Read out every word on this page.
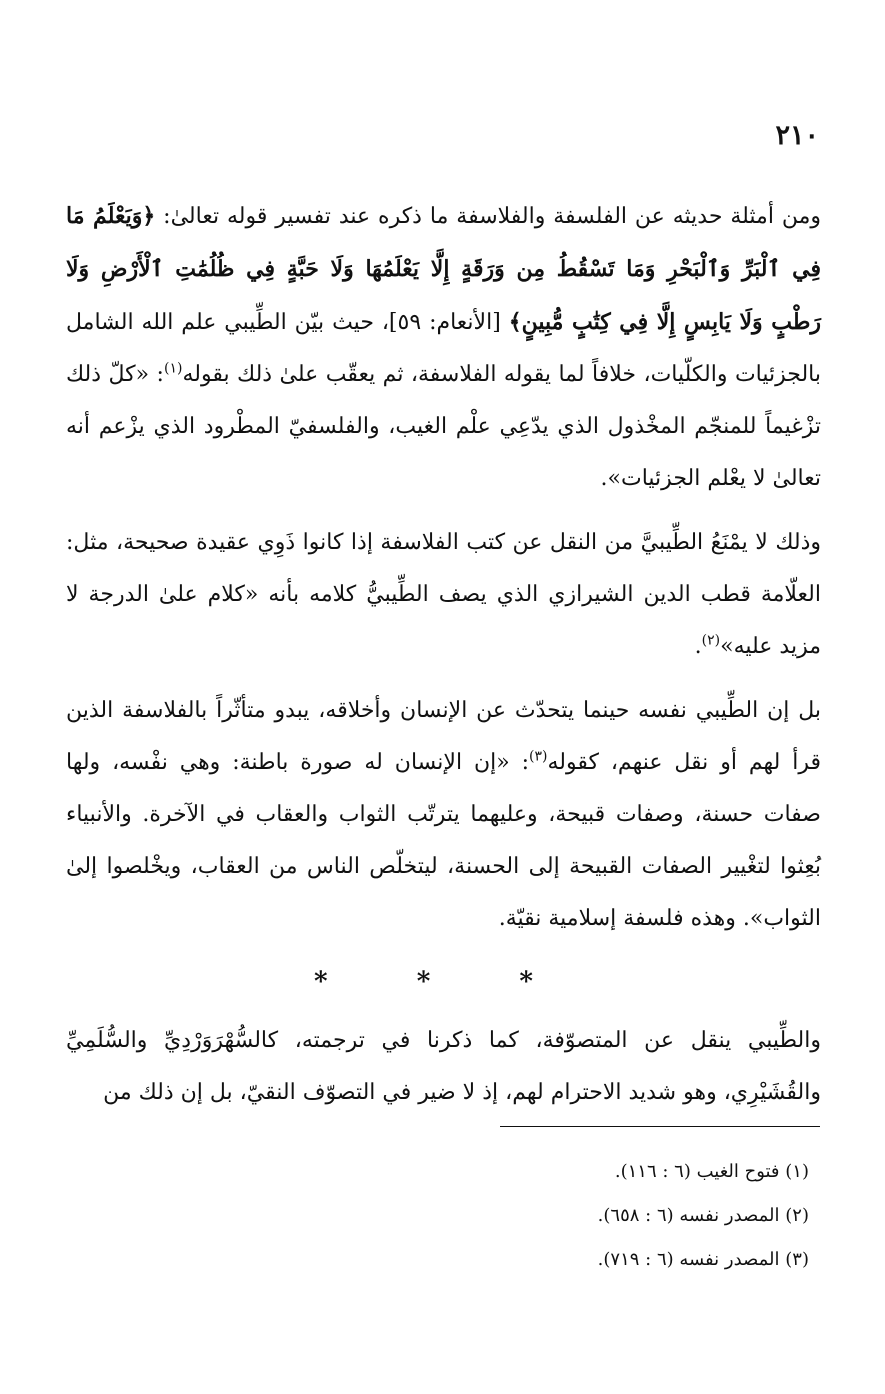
٢١٠

ومن أمثلة حديثه عن الفلسفة والفلاسفة ما ذكره عند تفسير قوله تعالىٰ: ﴿وَيَعْلَمُ مَا فِي ٱلْبَرِّ وَٱلْبَحْرِ وَمَا تَسْقُطُ مِن وَرَقَةٍ إِلَّا يَعْلَمُهَا وَلَا حَبَّةٍ فِي ظُلُمَٰتِ ٱلْأَرْضِ وَلَا رَطْبٍ وَلَا يَابِسٍ إِلَّا فِي كِتَٰبٍ مُّبِينٍ﴾ [الأنعام: ٥٩]، حيث بيّن الطِّيبي علم الله الشامل بالجزئيات والكلّيات، خلافاً لما يقوله الفلاسفة، ثم يعقّب علىٰ ذلك بقوله$^{(١)}$: «كلّ ذلك تزْغيماً للمنجّم المخْذول الذي يدّعِي علْم الغيب، والفلسفيّ المطْرود الذي يزْعم أنه تعالىٰ لا يعْلم الجزئيات».

وذلك لا يمْنَعُ الطِّيبيَّ من النقل عن كتب الفلاسفة إذا كانوا ذَوِي عقيدة صحيحة، مثل: العلّامة قطب الدين الشيرازي الذي يصف الطِّيبيُّ كلامه بأنه «كلام علىٰ الدرجة لا مزيد عليه»$^{(٢)}$.

بل إن الطِّيبي نفسه حينما يتحدّث عن الإنسان وأخلاقه، يبدو متأثّراً بالفلاسفة الذين قرأ لهم أو نقل عنهم، كقوله$^{(٣)}$: «إن الإنسان له صورة باطنة: وهي نفْسه، ولها صفات حسنة، وصفات قبيحة، وعليهما يترتّب الثواب والعقاب في الآخرة. والأنبياء بُعِثوا لتغْيير الصفات القبيحة إلى الحسنة، ليتخلّص الناس من العقاب، ويخْلصوا إلىٰ الثواب». وهذه فلسفة إسلامية نقيّة.

* * *

والطِّيبي ينقل عن المتصوّفة، كما ذكرنا في ترجمته، كالسُّهْرَوَرْدِيِّ والسُّلَمِيِّ والقُشَيْرِي، وهو شديد الاحترام لهم، إذ لا ضير في التصوّف النقيّ، بل إن ذلك من

(١) فتوح الغيب (٦ : ١١٦).

(٢) المصدر نفسه (٦ : ٦٥٨).

(٣) المصدر نفسه (٦ : ٧١٩).
